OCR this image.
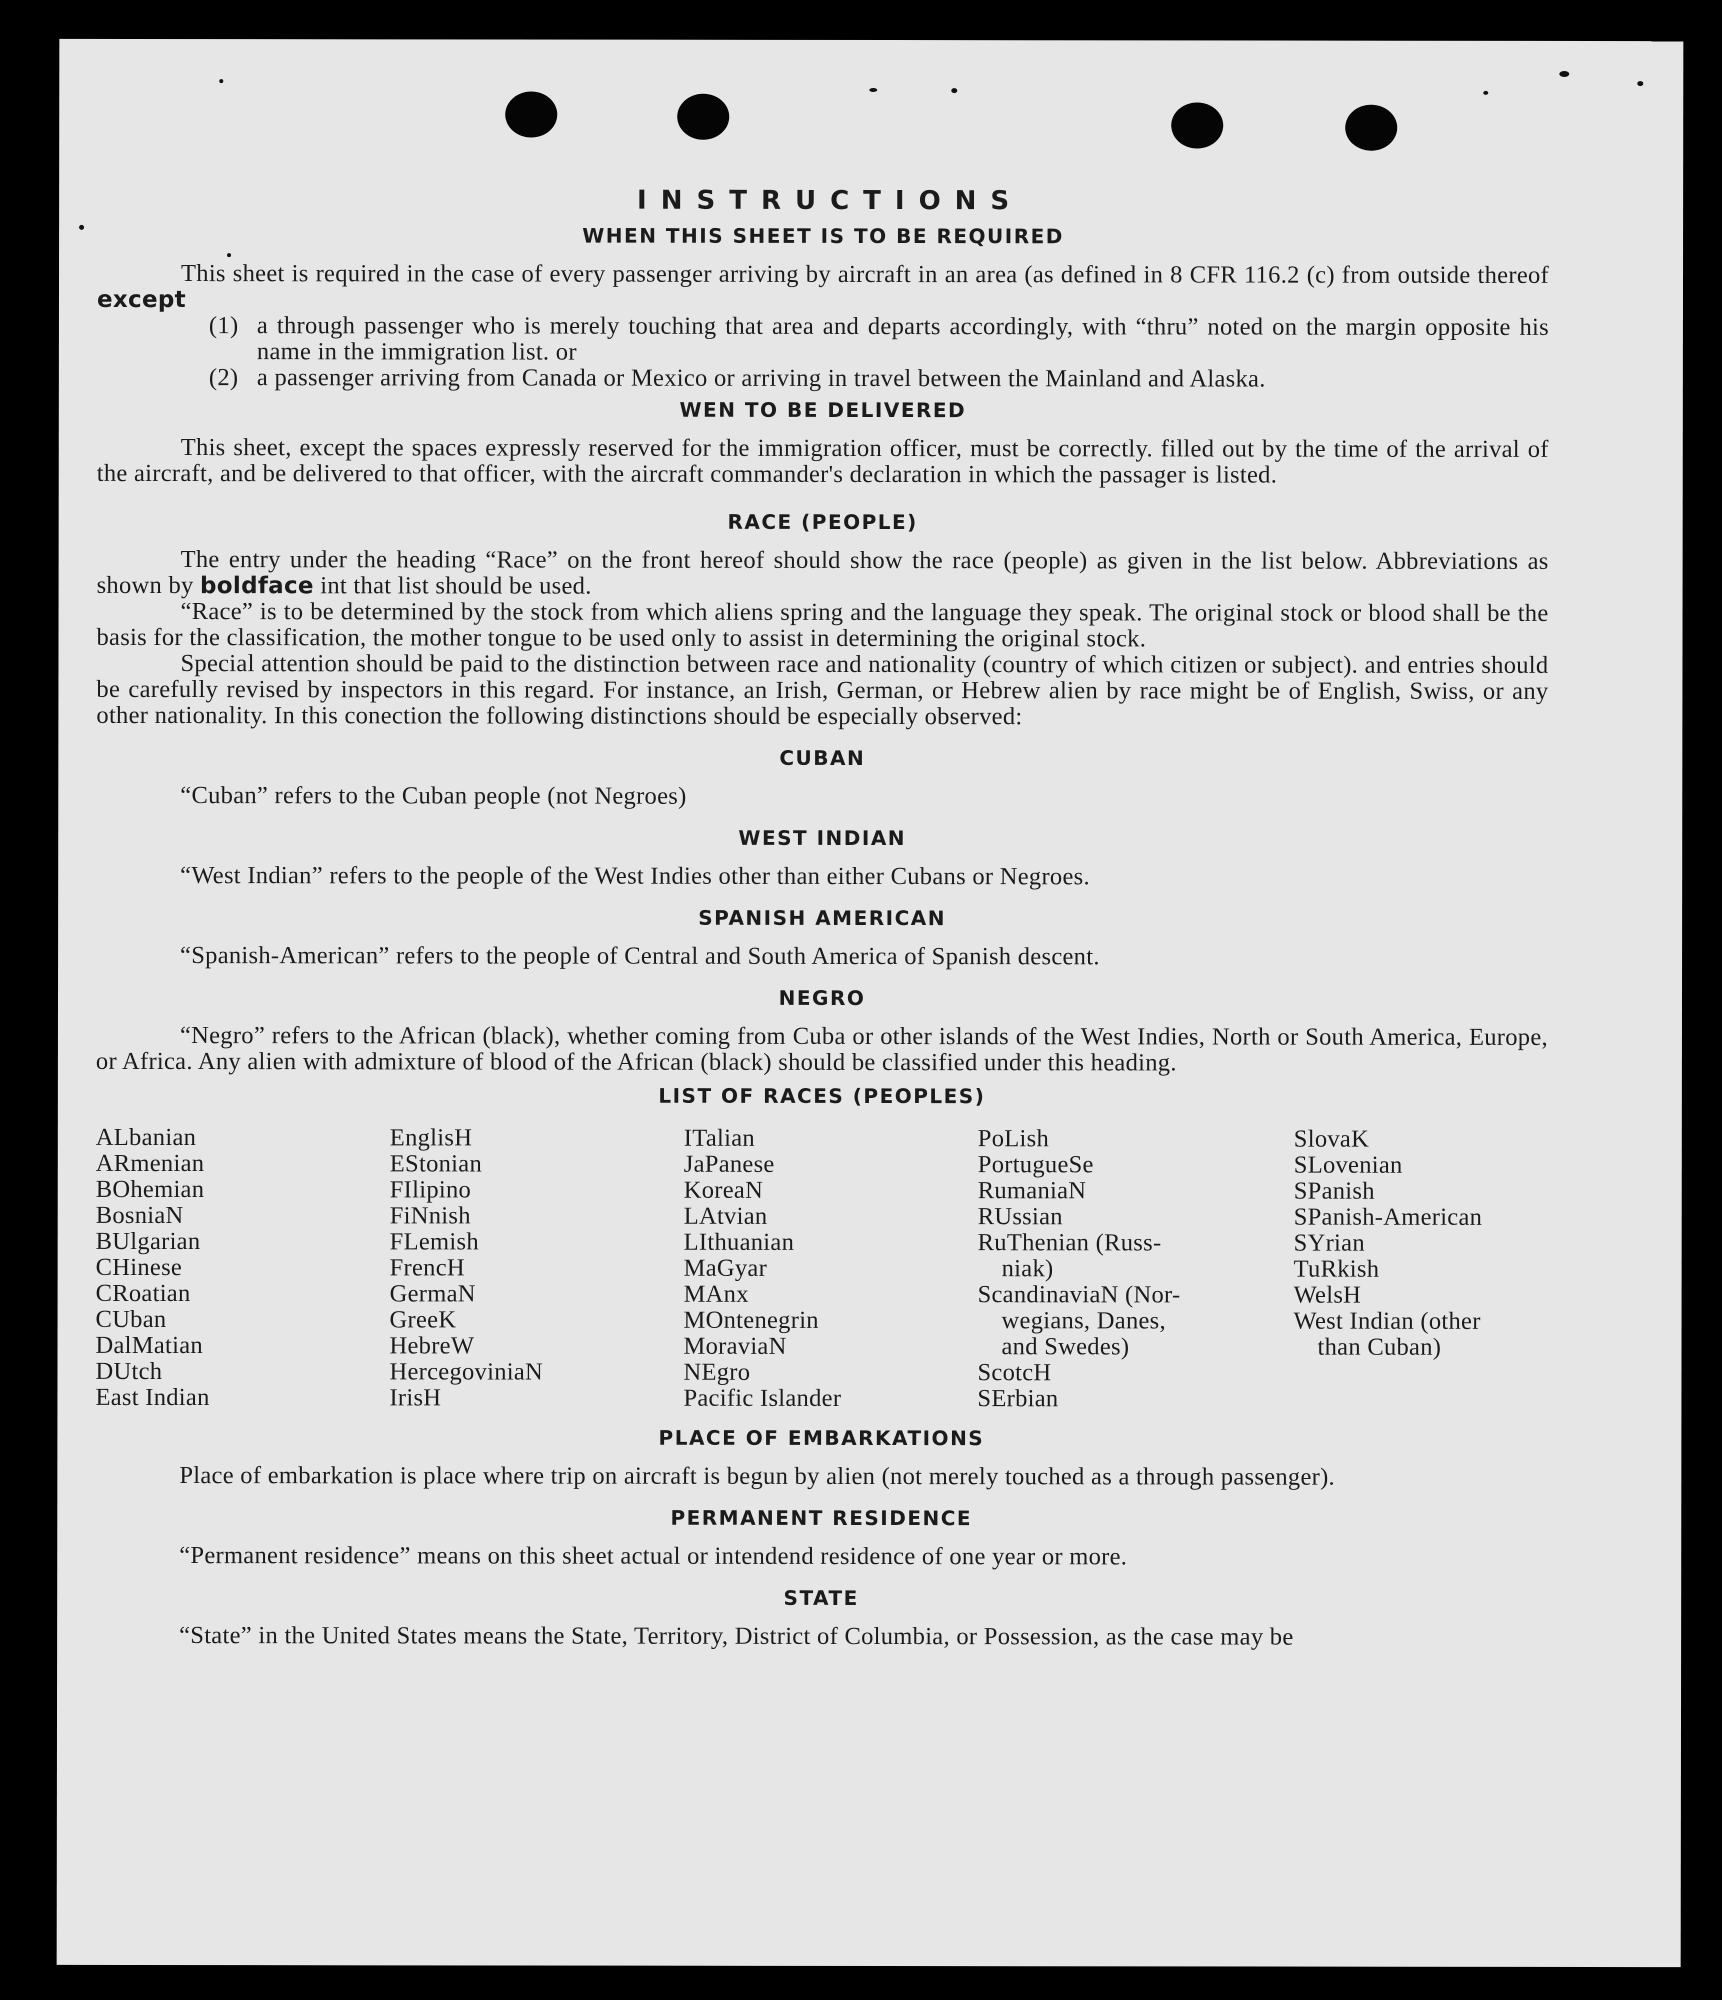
INSTRUCTIONS
WHEN THIS SHEET IS TO BE REQUIRED

This sheet is required in the case of every passenger arriving by aircraft in an area (as defined in 8 CFR 116.2 (c) from outside thereof except

(1) a through passenger who is merely touching that area and departs accordingly, with “thru” noted on the margin opposite his name in the immigration list. or
(2) a passenger arriving from Canada or Mexico or arriving in travel between the Mainland and Alaska.
WEN TO BE DELIVERED

This sheet, except the spaces expressly reserved for the immigration officer, must be correctly. filled out by the time of the arrival of the aircraft, and be delivered to that officer, with the aircraft commander's declaration in which the passager is listed.

RACE (PEOPLE)

The entry under the heading “Race” on the front hereof should show the race (people) as given in the list below. Abbreviations as shown by boldface int that list should be used.

“Race” is to be determined by the stock from which aliens spring and the language they speak. The original stock or blood shall be the basis for the classification, the mother tongue to be used only to assist in determining the original stock.

Special attention should be paid to the distinction between race and nationality (country of which citizen or subject). and entries should be carefully revised by inspectors in this regard. For instance, an Irish, German, or Hebrew alien by race might be of English, Swiss, or any other nationality. In this conection the following distinctions should be especially observed:

CUBAN

“Cuban” refers to the Cuban people (not Negroes)

WEST INDIAN

“West Indian” refers to the people of the West Indies other than either Cubans or Negroes.

SPANISH AMERICAN

“Spanish-American” refers to the people of Central and South America of Spanish descent.

NEGRO

“Negro” refers to the African (black), whether coming from Cuba or other islands of the West Indies, North or South America, Europe, or Africa. Any alien with admixture of blood of the African (black) should be classified under this heading.

LIST OF RACES (PEOPLES)
ALbanian
ARmenian
BOhemian
BosniaN
BUlgarian
CHinese
CRoatian
CUban
DalMatian
DUtch
East Indian
EnglisH
EStonian
FIlipino
FiNnish
FLemish
FrencH
GermaN
GreeK
HebreW
HercegoviniaN
IrisH
ITalian
JaPanese
KoreaN
LAtvian
LIthuanian
MaGyar
MAnx
MOntenegrin
MoraviaN
NEgro
Pacific Islander
PoLish
PortugueSe
RumaniaN
RUssian
RuThenian (Russ-
niak)
ScandinaviaN (Nor-
wegians, Danes,
and Swedes)
ScotcH
SErbian
SlovaK
SLovenian
SPanish
SPanish-American
SYrian
TuRkish
WelsH
West Indian (other
than Cuban)
PLACE OF EMBARKATIONS

Place of embarkation is place where trip on aircraft is begun by alien (not merely touched as a through passenger).

PERMANENT RESIDENCE

“Permanent residence” means on this sheet actual or intendend residence of one year or more.

STATE

“State” in the United States means the State, Territory, District of Columbia, or Possession, as the case may be
